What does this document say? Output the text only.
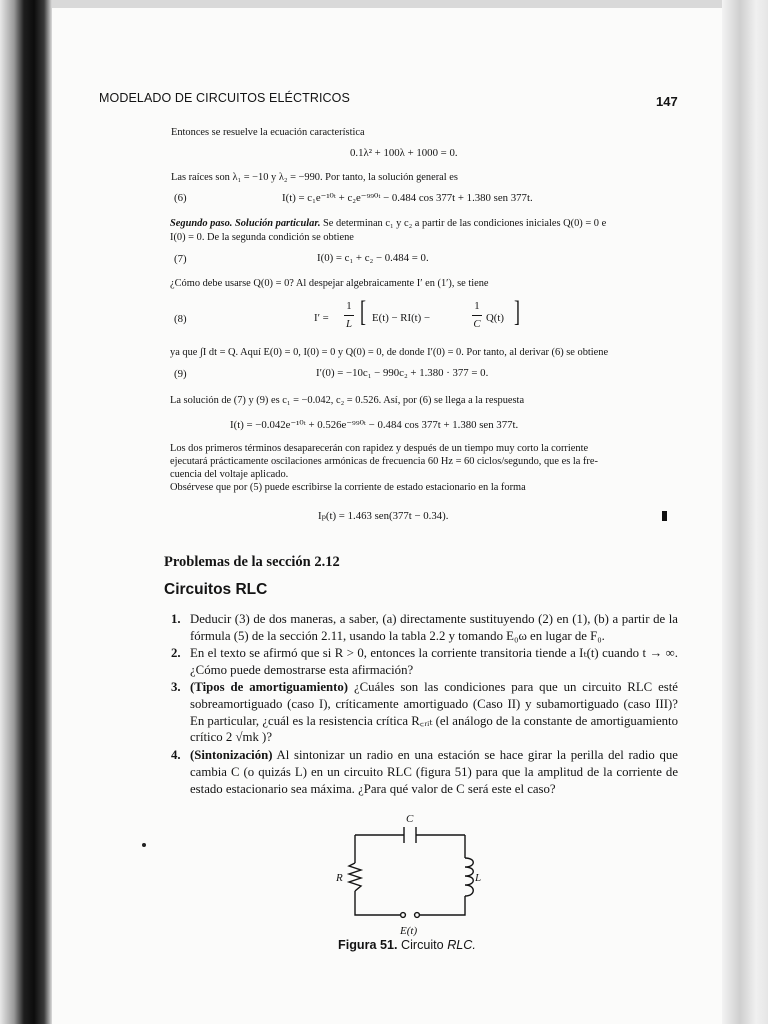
MODELADO DE CIRCUITOS ELÉCTRICOS	147
Entonces se resuelve la ecuación característica
0.1λ² + 100λ + 1000 = 0.
Las raíces son λ₁ = −10 y λ₂ = −990. Por tanto, la solución general es
(6)	I(t) = c₁e⁻¹⁰ᵗ + c₂e⁻⁹⁹⁰ᵗ − 0.484 cos 377t + 1.380 sen 377t.
Segundo paso. Solución particular. Se determinan c₁ y c₂ a partir de las condiciones iniciales Q(0) = 0 e
I(0) = 0. De la segunda condición se obtiene
(7)	I(0) = c₁ + c₂ − 0.484 = 0.
¿Cómo debe usarse Q(0) = 0? Al despejar algebraicamente I′ en (1′), se tiene
(8)	I′ =
1
L [ E(t) − RI(t) −
1
C Q(t) ]
ya que ∫I dt = Q. Aquí E(0) = 0, I(0) = 0 y Q(0) = 0, de donde I′(0) = 0. Por tanto, al derivar (6) se obtiene
(9)	I′(0) = −10c₁ − 990c₂ + 1.380 · 377 = 0.
La solución de (7) y (9) es c₁ = −0.042, c₂ = 0.526. Así, por (6) se llega a la respuesta
I(t) = −0.042e⁻¹⁰ᵗ + 0.526e⁻⁹⁹⁰ᵗ − 0.484 cos 377t + 1.380 sen 377t.
Los dos primeros términos desaparecerán con rapidez y después de un tiempo muy corto la corriente
ejecutará prácticamente oscilaciones armónicas de frecuencia 60 Hz = 60 ciclos/segundo, que es la fre-
cuencia del voltaje aplicado.
Obsérvese que por (5) puede escribirse la corriente de estado estacionario en la forma
Iₚ(t) = 1.463 sen(377t − 0.34).
Problemas de la sección 2.12
Circuitos RLC
1. Deducir (3) de dos maneras, a saber, (a) directamente sustituyendo (2) en (1), (b) a partir de la fórmula (5) de la sección 2.11, usando la tabla 2.2 y tomando E₀ω en lugar de F₀.
2. En el texto se afirmó que si R > 0, entonces la corriente transitoria tiende a Iₜ(t) cuando t → ∞. ¿Cómo puede demostrarse esta afirmación?
3. (Tipos de amortiguamiento) ¿Cuáles son las condiciones para que un circuito RLC esté sobreamortiguado (caso I), críticamente amortiguado (Caso II) y subamortiguado (caso III)? En particular, ¿cuál es la resistencia crítica R꜀ᵣᵢₜ (el análogo de la constante de amortiguamiento crítico 2 √mk )?
4. (Sintonización) Al sintonizar un radio en una estación se hace girar la perilla del radio que cambia C (o quizás L) en un circuito RLC (figura 51) para que la amplitud de la corriente de estado estacionario sea máxima. ¿Para qué valor de C será este el caso?
C
R	L
E(t)
Figura 51. Circuito RLC.
